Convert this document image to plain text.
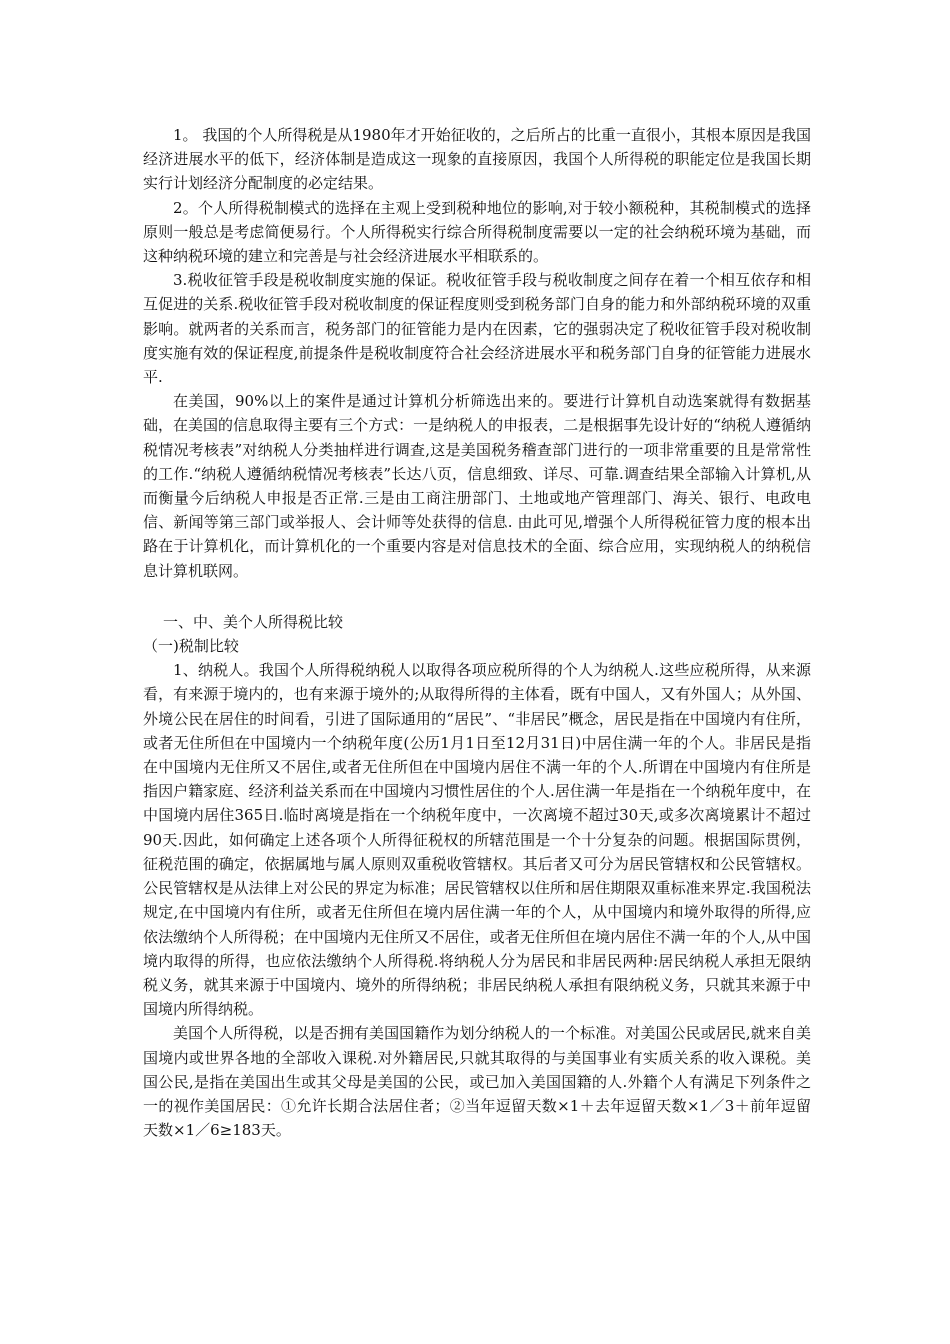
1。 我国的个人所得税是从1980年才开始征收的，之后所占的比重一直很小，其根本原因是我国经济进展水平的低下，经济体制是造成这一现象的直接原因，我国个人所得税的职能定位是我国长期实行计划经济分配制度的必定结果。

2。个人所得税制模式的选择在主观上受到税种地位的影响,对于较小额税种，其税制模式的选择原则一般总是考虑简便易行。个人所得税实行综合所得税制度需要以一定的社会纳税环境为基础，而这种纳税环境的建立和完善是与社会经济进展水平相联系的。

3.税收征管手段是税收制度实施的保证。税收征管手段与税收制度之间存在着一个相互依存和相互促进的关系.税收征管手段对税收制度的保证程度则受到税务部门自身的能力和外部纳税环境的双重影响。就两者的关系而言，税务部门的征管能力是内在因素，它的强弱决定了税收征管手段对税收制度实施有效的保证程度,前提条件是税收制度符合社会经济进展水平和税务部门自身的征管能力进展水平.

在美国，90%以上的案件是通过计算机分析筛选出来的。要进行计算机自动选案就得有数据基础，在美国的信息取得主要有三个方式：一是纳税人的申报表，二是根据事先设计好的“纳税人遵循纳税情况考核表”对纳税人分类抽样进行调查,这是美国税务稽查部门进行的一项非常重要的且是常常性的工作.“纳税人遵循纳税情况考核表”长达八页，信息细致、详尽、可靠.调查结果全部输入计算机,从而衡量今后纳税人申报是否正常.三是由工商注册部门、土地或地产管理部门、海关、银行、电政电信、新闻等第三部门或举报人、会计师等处获得的信息. 由此可见,增强个人所得税征管力度的根本出路在于计算机化，而计算机化的一个重要内容是对信息技术的全面、综合应用，实现纳税人的纳税信息计算机联网。

一、中、美个人所得税比较

（一)税制比较

1、纳税人。我国个人所得税纳税人以取得各项应税所得的个人为纳税人.这些应税所得，从来源看，有来源于境内的，也有来源于境外的;从取得所得的主体看，既有中国人，又有外国人；从外国、外境公民在居住的时间看，引进了国际通用的“居民”、“非居民”概念，居民是指在中国境内有住所，或者无住所但在中国境内一个纳税年度(公历1月1日至12月31日)中居住满一年的个人。非居民是指在中国境内无住所又不居住,或者无住所但在中国境内居住不满一年的个人.所谓在中国境内有住所是指因户籍家庭、经济利益关系而在中国境内习惯性居住的个人.居住满一年是指在一个纳税年度中，在中国境内居住365日.临时离境是指在一个纳税年度中，一次离境不超过30天,或多次离境累计不超过90天.因此，如何确定上述各项个人所得征税权的所辖范围是一个十分复杂的问题。根据国际贯例，征税范围的确定，依据属地与属人原则双重税收管辖权。其后者又可分为居民管辖权和公民管辖权。公民管辖权是从法律上对公民的界定为标准；居民管辖权以住所和居住期限双重标准来界定.我国税法规定,在中国境内有住所，或者无住所但在境内居住满一年的个人，从中国境内和境外取得的所得,应依法缴纳个人所得税；在中国境内无住所又不居住，或者无住所但在境内居住不满一年的个人,从中国境内取得的所得，也应依法缴纳个人所得税.将纳税人分为居民和非居民两种:居民纳税人承担无限纳税义务，就其来源于中国境内、境外的所得纳税；非居民纳税人承担有限纳税义务，只就其来源于中国境内所得纳税。

美国个人所得税，以是否拥有美国国籍作为划分纳税人的一个标准。对美国公民或居民,就来自美国境内或世界各地的全部收入课税.对外籍居民,只就其取得的与美国事业有实质关系的收入课税。美国公民,是指在美国出生或其父母是美国的公民，或已加入美国国籍的人.外籍个人有满足下列条件之一的视作美国居民：①允许长期合法居住者；②当年逗留天数×1＋去年逗留天数×1／3＋前年逗留天数×1／6≥183天。
